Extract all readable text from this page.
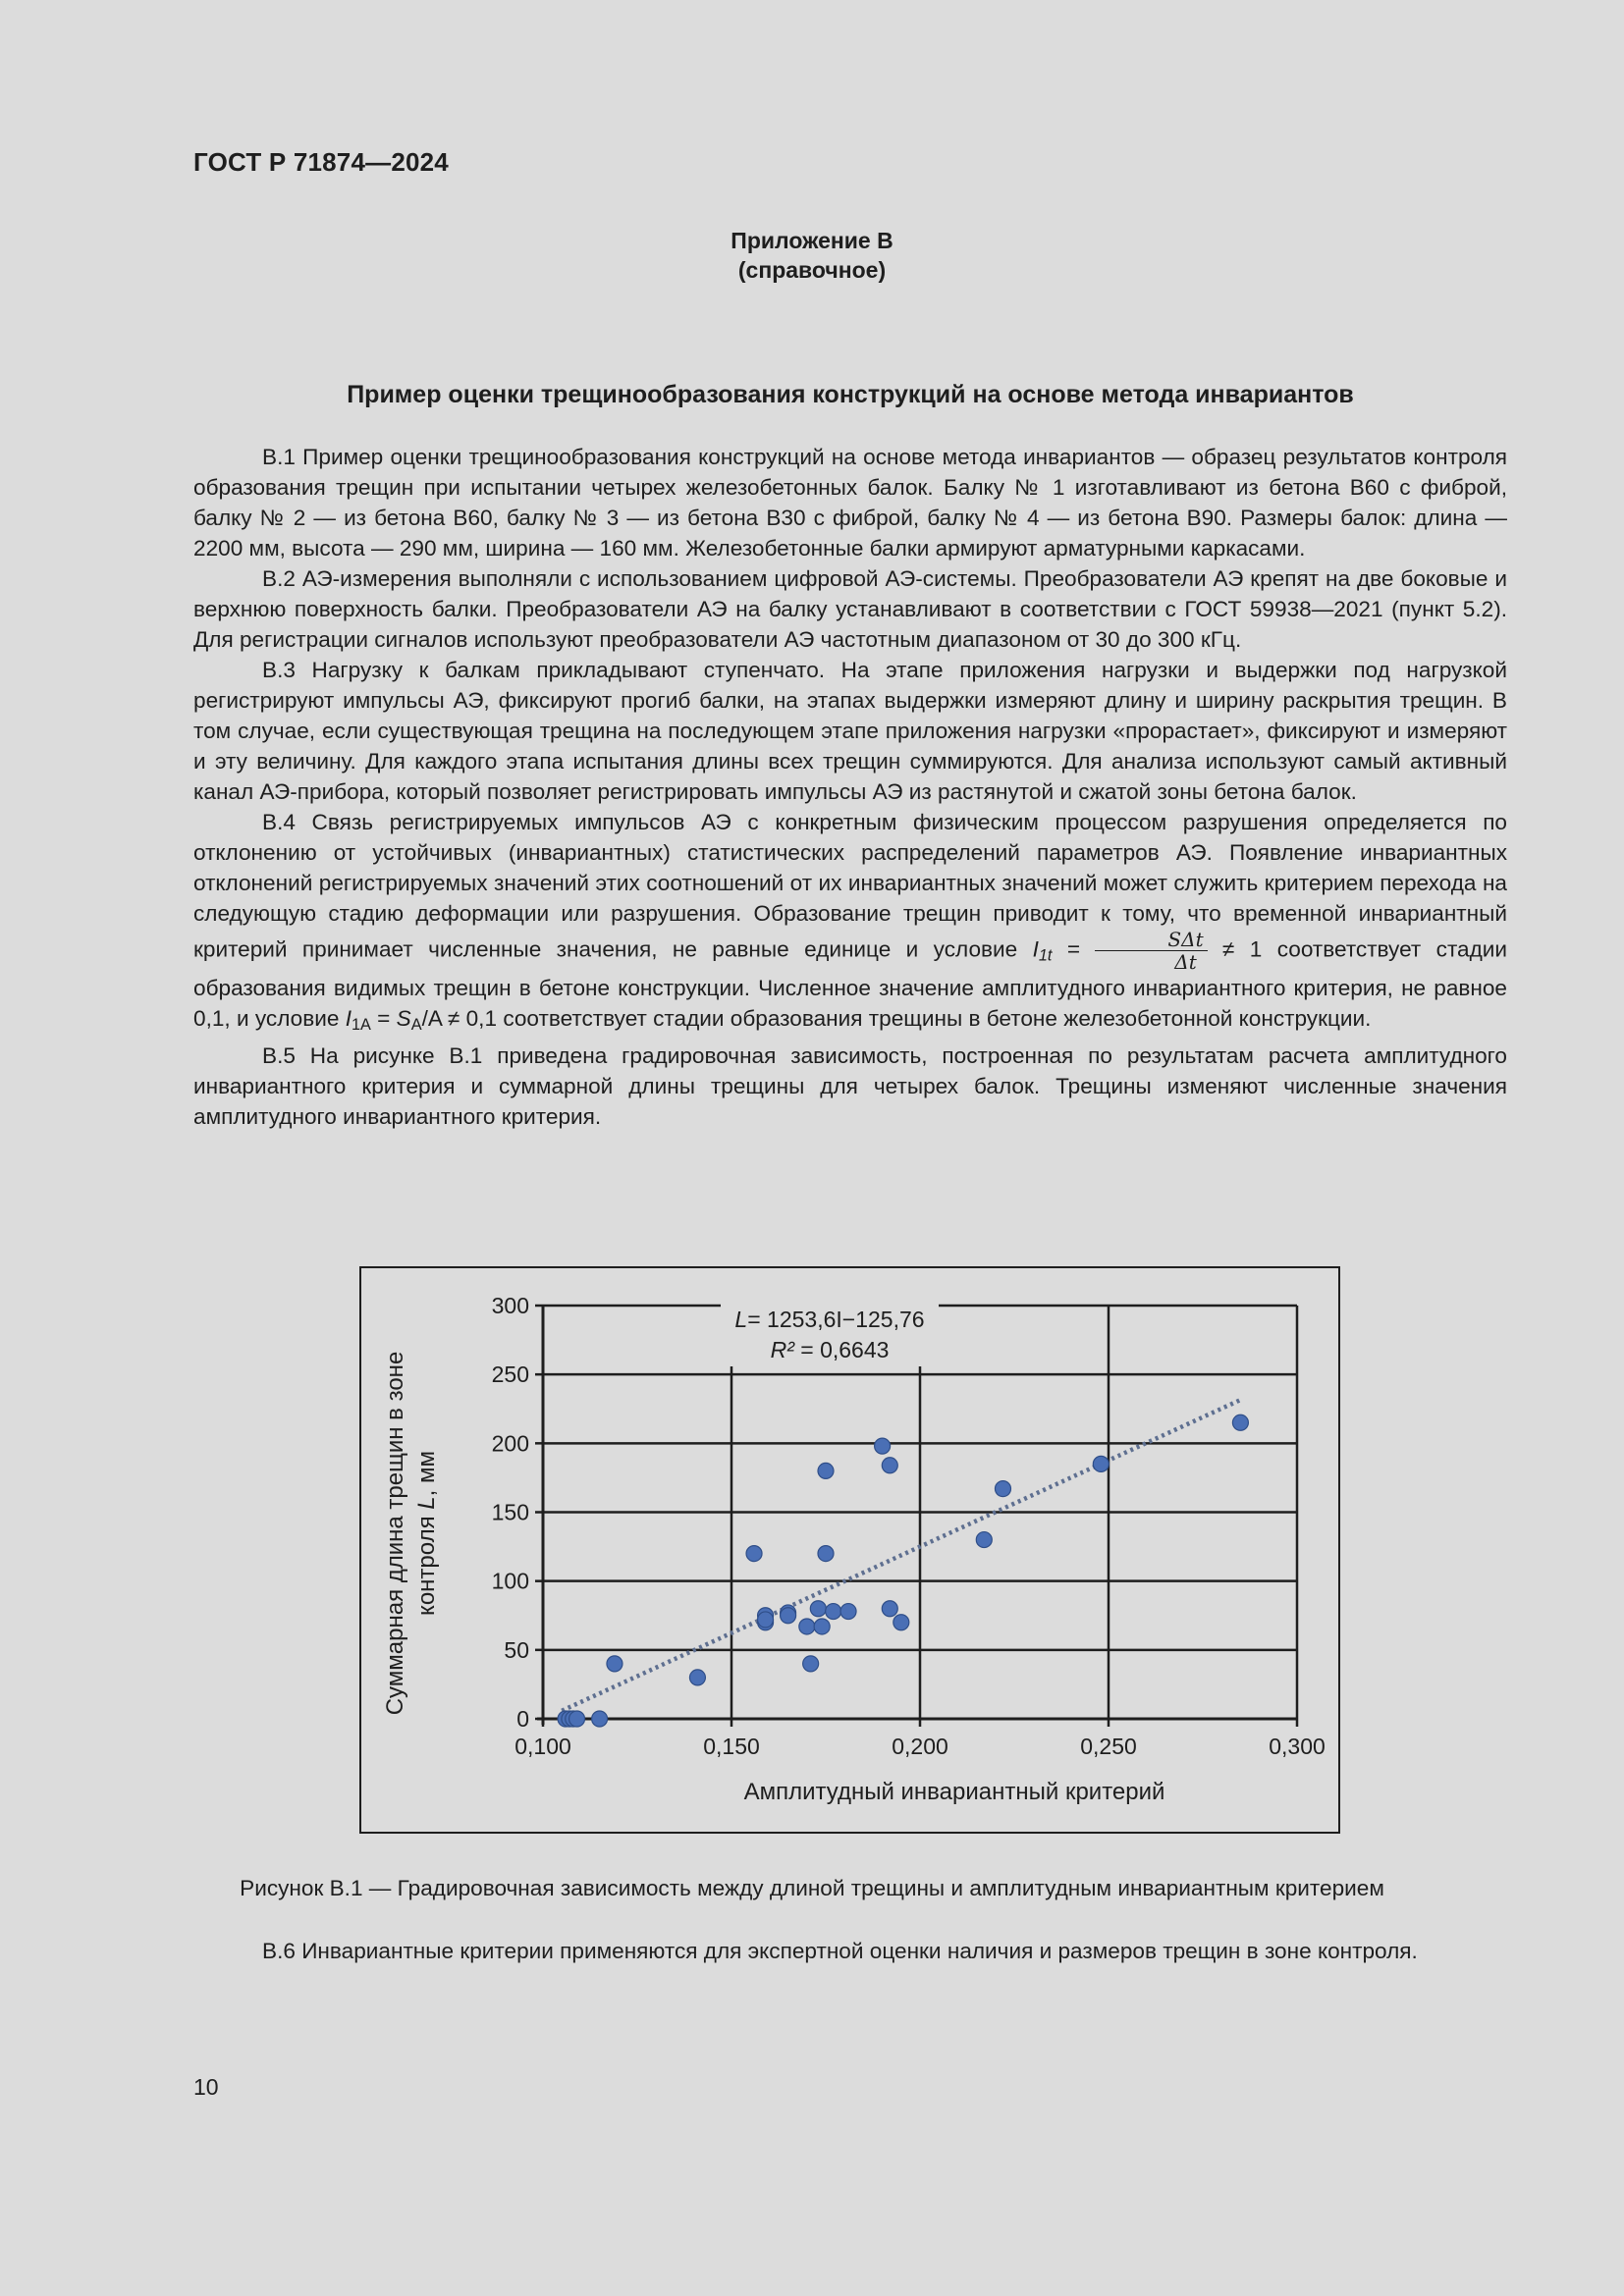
ГОСТ Р 71874—2024
Приложение В
(справочное)
Пример оценки трещинообразования конструкций на основе метода инвариантов

В.1 Пример оценки трещинообразования конструкций на основе метода инвариантов — образец результатов контроля образования трещин при испытании четырех железобетонных балок. Балку № 1 изготавливают из бетона В60 с фиброй, балку № 2 — из бетона В60, балку № 3 — из бетона В30 с фиброй, балку № 4 — из бетона В90. Размеры балок: длина — 2200 мм, высота — 290 мм, ширина — 160 мм. Железобетонные балки армируют арматурными каркасами.

В.2 АЭ-измерения выполняли с использованием цифровой АЭ-системы. Преобразователи АЭ крепят на две боковые и верхнюю поверхность балки. Преобразователи АЭ на балку устанавливают в соответствии с ГОСТ 59938—2021 (пункт 5.2). Для регистрации сигналов используют преобразователи АЭ частотным диапазоном от 30 до 300 кГц.

В.3 Нагрузку к балкам прикладывают ступенчато. На этапе приложения нагрузки и выдержки под нагрузкой регистрируют импульсы АЭ, фиксируют прогиб балки, на этапах выдержки измеряют длину и ширину раскрытия трещин. В том случае, если существующая трещина на последующем этапе приложения нагрузки «прорастает», фиксируют и измеряют и эту величину. Для каждого этапа испытания длины всех трещин суммируются. Для анализа используют самый активный канал АЭ-прибора, который позволяет регистрировать импульсы АЭ из растянутой и сжатой зоны бетона балок.

В.4 Связь регистрируемых импульсов АЭ с конкретным физическим процессом разрушения определяется по отклонению от устойчивых (инвариантных) статистических распределений параметров АЭ. Появление инвариантных отклонений регистрируемых значений этих соотношений от их инвариантных значений может служить критерием перехода на следующую стадию деформации или разрушения. Образование трещин приводит к тому, что временной инвариантный критерий принимает численные значения, не равные единице и условие $I_{1t} = \frac{\text{SΔt}}{\Delta t} \ne 1$ соответствует стадии образования видимых трещин в бетоне конструкции. Численное значение амплитудного инвариантного критерия, не равное 0,1, и условие $I_{1A} = S_A/A \ne 0,1$ соответствует стадии образования трещины в бетоне железобетонной конструкции.

В.5 На рисунке В.1 приведена градировочная зависимость, построенная по результатам расчета амплитудного инвариантного критерия и суммарной длины трещины для четырех балок. Трещины изменяют численные значения амплитудного инвариантного критерия.

0
50
100
150
200
250
300
0,100	0,150	0,200	0,250	0,300
L= 1253,6I−125,76
R² = 0,6643
Амплитудный инвариантный критерий
Суммарная длина трещин в зоне контроля L, мм
Рисунок В.1 — Градировочная зависимость между длиной трещины и амплитудным инвариантным критерием

В.6 Инвариантные критерии применяются для экспертной оценки наличия и размеров трещин в зоне контроля.

10
